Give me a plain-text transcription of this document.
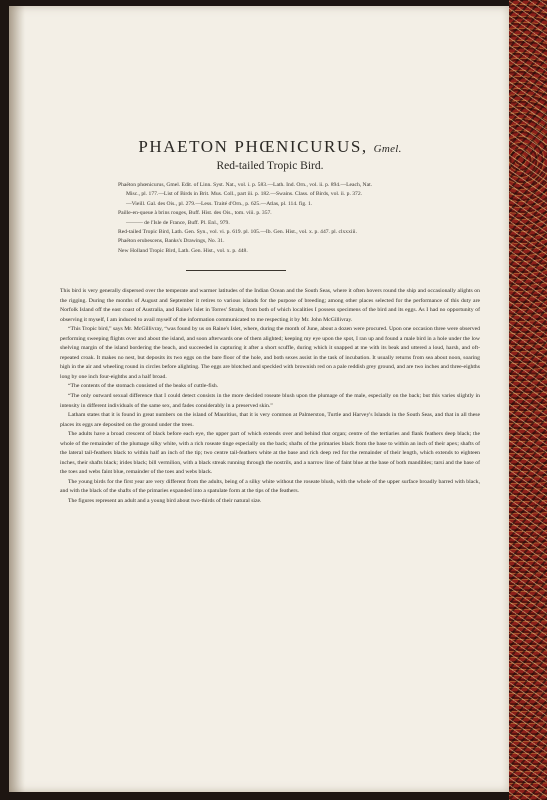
PHAETON PHŒNICURUS, Gmel.
Red-tailed Tropic Bird.
Phaëton phœnicurus, Gmel. Edit. of Linn. Syst. Nat., vol. i. p. 583.—Lath. Ind. Orn., vol. ii. p. 894.—Leach, Nat.
Misc., pl. 177.—List of Birds in Brit. Mus. Coll., part iii. p. 182.—Swains. Class. of Birds, vol. ii. p. 372.
—Vieill. Gal. des Ois., pl. 279.—Less. Traité d'Orn., p. 625.—Atlas, pl. 114. fig. 1.
Paille-en-queue à brins rouges, Buff. Hist. des Ois., tom. viii. p. 357.
——— de l'Isle de France, Buff. Pl. Enl., 979.
Red-tailed Tropic Bird, Lath. Gen. Syn., vol. vi. p. 619. pl. 105.—Ib. Gen. Hist., vol. x. p. 447. pl. clxxxiii.
Phaëton erubescens, Banks's Drawings, No. 31.
New Holland Tropic Bird, Lath. Gen. Hist., vol. x. p. 448.

This bird is very generally dispersed over the temperate and warmer latitudes of the Indian Ocean and the South Seas, where it often hovers round the ship and occasionally alights on the rigging. During the months of August and September it retires to various islands for the purpose of breeding; among other places selected for the performance of this duty are Norfolk Island off the east coast of Australia, and Raine's Islet in Torres' Straits, from both of which localities I possess specimens of the bird and its eggs. As I had no opportunity of observing it myself, I am induced to avail myself of the information communicated to me respecting it by Mr. John McGillivray.

“This Tropic bird,” says Mr. McGillivray, “was found by us on Raine's Islet, where, during the month of June, about a dozen were procured. Upon one occasion three were observed performing sweeping flights over and about the island, and soon afterwards one of them alighted; keeping my eye upon the spot, I ran up and found a male bird in a hole under the low shelving margin of the island bordering the beach, and succeeded in capturing it after a short scuffle, during which it snapped at me with its beak and uttered a loud, harsh, and oft-repeated croak. It makes no nest, but deposits its two eggs on the bare floor of the hole, and both sexes assist in the task of incubation. It usually returns from sea about noon, soaring high in the air and wheeling round in circles before alighting. The eggs are blotched and speckled with brownish red on a pale reddish grey ground, and are two inches and three-eighths long by one inch four-eighths and a half broad.

“The contents of the stomach consisted of the beaks of cuttle-fish.

“The only outward sexual difference that I could detect consists in the more decided roseate blush upon the plumage of the male, especially on the back; but this varies slightly in intensity in different individuals of the same sex, and fades considerably in a preserved skin.”

Latham states that it is found in great numbers on the island of Mauritius, that it is very common at Palmerston, Turtle and Harvey's Islands in the South Seas, and that in all these places its eggs are deposited on the ground under the trees.

The adults have a broad crescent of black before each eye, the upper part of which extends over and behind that organ; centre of the tertiaries and flank feathers deep black; the whole of the remainder of the plumage silky white, with a rich roseate tinge especially on the back; shafts of the primaries black from the base to within an inch of their apex; shafts of the lateral tail-feathers black to within half an inch of the tip; two centre tail-feathers white at the base and rich deep red for the remainder of their length, which extends to eighteen inches, their shafts black; irides black; bill vermilion, with a black streak running through the nostrils, and a narrow line of faint blue at the base of both mandibles; tarsi and the base of the toes and webs faint blue, remainder of the toes and webs black.

The young birds for the first year are very different from the adults, being of a silky white without the roseate blush, with the whole of the upper surface broadly barred with black, and with the black of the shafts of the primaries expanded into a spatulate form at the tips of the feathers.

The figures represent an adult and a young bird about two-thirds of their natural size.
